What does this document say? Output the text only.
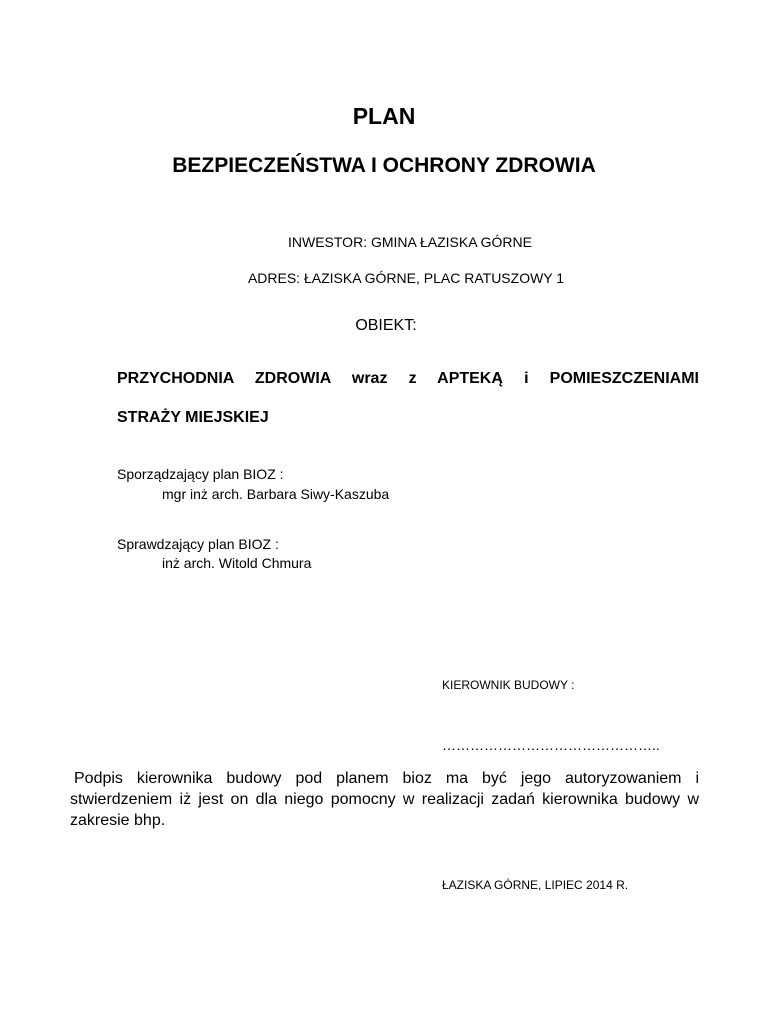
PLAN
BEZPIECZEŃSTWA I OCHRONY ZDROWIA
INWESTOR: GMINA ŁAZISKA GÓRNE
ADRES: ŁAZISKA GÓRNE, PLAC RATUSZOWY 1
OBIEKT:
PRZYCHODNIA ZDROWIA wraz z APTEKĄ i POMIESZCZENIAMI
STRAŻY MIEJSKIEJ
Sporządzający plan BIOZ :
mgr inż arch. Barbara Siwy-Kaszuba
Sprawdzający plan BIOZ :
inż arch. Witold Chmura
KIEROWNIK BUDOWY :
………………………………………..
Podpis kierownika budowy pod planem bioz ma być jego autoryzowaniem i stwierdzeniem iż jest on dla niego pomocny w realizacji zadań kierownika budowy w zakresie bhp.
ŁAZISKA GÓRNE, LIPIEC 2014 R.
